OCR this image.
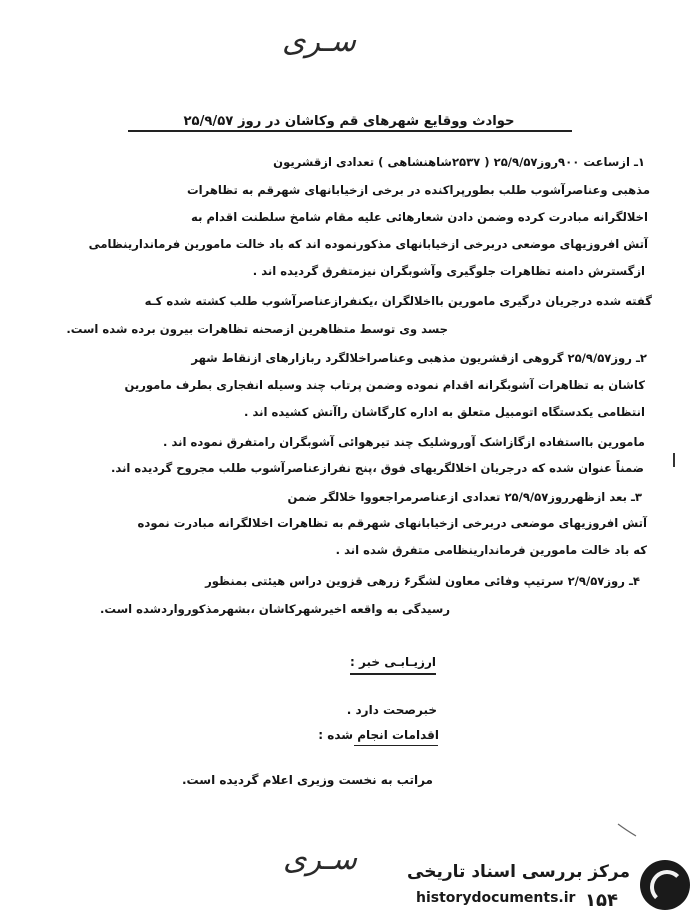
سـری
حوادث ووقایع شهرهای قم وکاشان در روز ۲۵/۹/۵۷
۱ـ ازساعت ۹۰۰روز۲۵/۹/۵۷ ( ۲۵۳۷شاهنشاهی ) تعدادی ازقشریون
مذهبی وعناصرآشوب طلب بطورپراکنده در برخی ازخیابانهای شهرقم به تظاهرات
اخلالگرانه مبادرت کرده وضمن دادن شعارهائی علیه مقام شامخ سلطنت اقدام به
آتش افروزیهای موضعی دربرخی ازخیابانهای مذکورنموده اند که باد خالت مامورین فرماندارینظامی
ازگسترش دامنه تظاهرات جلوگیری وآشوبگران نیزمتفرق گردیده اند .
گفته شده درجریان درگیری مامورین بااخلالگران ،یکنفرازعناصرآشوب طلب کشته شده کـه
جسد وی توسط متظاهرین ازصحنه تظاهرات بیرون برده شده است.
۲ـ روز۲۵/۹/۵۷ گروهی ازقشریون مذهبی وعناصراخلالگرد ربازارهای ازنقاط شهر
کاشان به تظاهرات آشوبگرانه اقدام نموده وضمن پرتاب چند وسیله انفجاری بطرف مامورین
انتظامی یکدستگاه اتومبیل متعلق به اداره کارگاشان راآتش کشیده اند .
مامورین بااستفاده ازگازاشک آوروشلیک چند تیرهوائی آشوبگران رامتفرق نموده اند .
ضمناً عنوان شده که درجریان اخلالگریهای فوق ،پنج نفرازعناصرآشوب طلب مجروح گردیده اند.
۳ـ بعد ازظهرروز۲۵/۹/۵۷ تعدادی ازعناصرمراجعووا خلالگر ضمن
آتش افروزیهای موضعی دربرخی ازخیابانهای شهرقم به تظاهرات اخلالگرانه مبادرت نموده
که باد خالت مامورین فرماندارینظامی متفرق شده اند .
۴ـ روز۲/۹/۵۷ سرتیپ وفائی معاون لشگر۶ زرهی قزوین دراس هیئتی بمنظور
رسیدگی به واقعه اخیرشهرکاشان ،بشهرمذکورواردشده است.
ارزیـابـی خبر :
خبرصحت دارد .
اقدامات انجام شده :
مراتب به نخست وزیری اعلام گردیده است.
سـری	مرکز بررسی اسناد تاریخی
historydocuments.ir ۱۵۴
